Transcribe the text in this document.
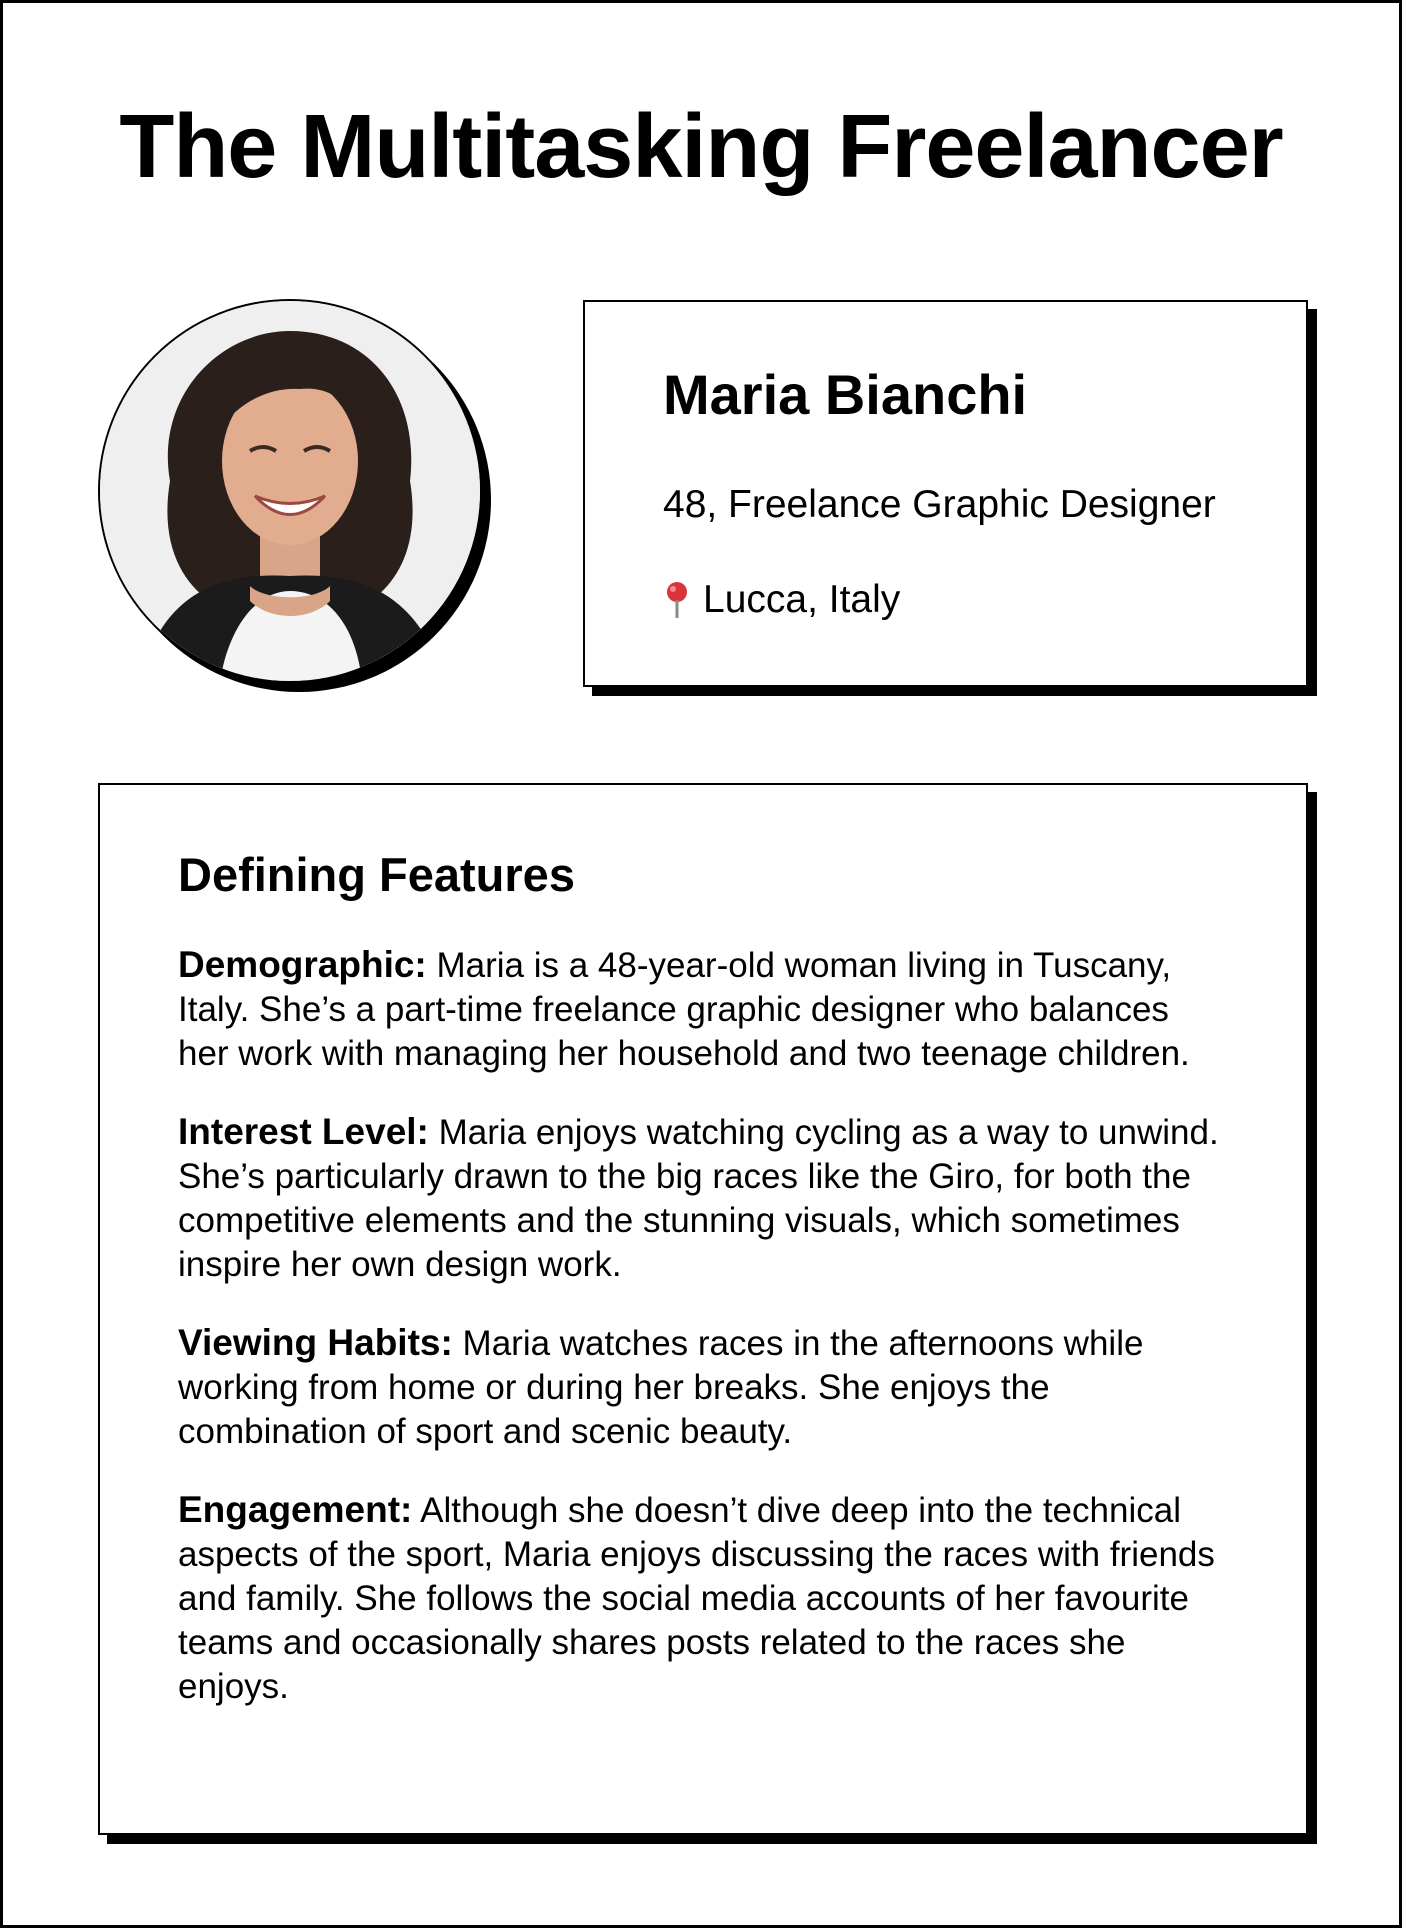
The Multitasking Freelancer
Maria Bianchi
48, Freelance Graphic Designer
Lucca, Italy
Defining Features

Demographic: Maria is a 48-year-old woman living in Tuscany, Italy. She’s a part-time freelance graphic designer who balances her work with managing her household and two teenage children.

Interest Level: Maria enjoys watching cycling as a way to unwind. She’s particularly drawn to the big races like the Giro, for both the competitive elements and the stunning visuals, which sometimes inspire her own design work.

Viewing Habits: Maria watches races in the afternoons while working from home or during her breaks. She enjoys the combination of sport and scenic beauty.

Engagement: Although she doesn’t dive deep into the technical aspects of the sport, Maria enjoys discussing the races with friends and family. She follows the social media accounts of her favourite teams and occasionally shares posts related to the races she enjoys.
